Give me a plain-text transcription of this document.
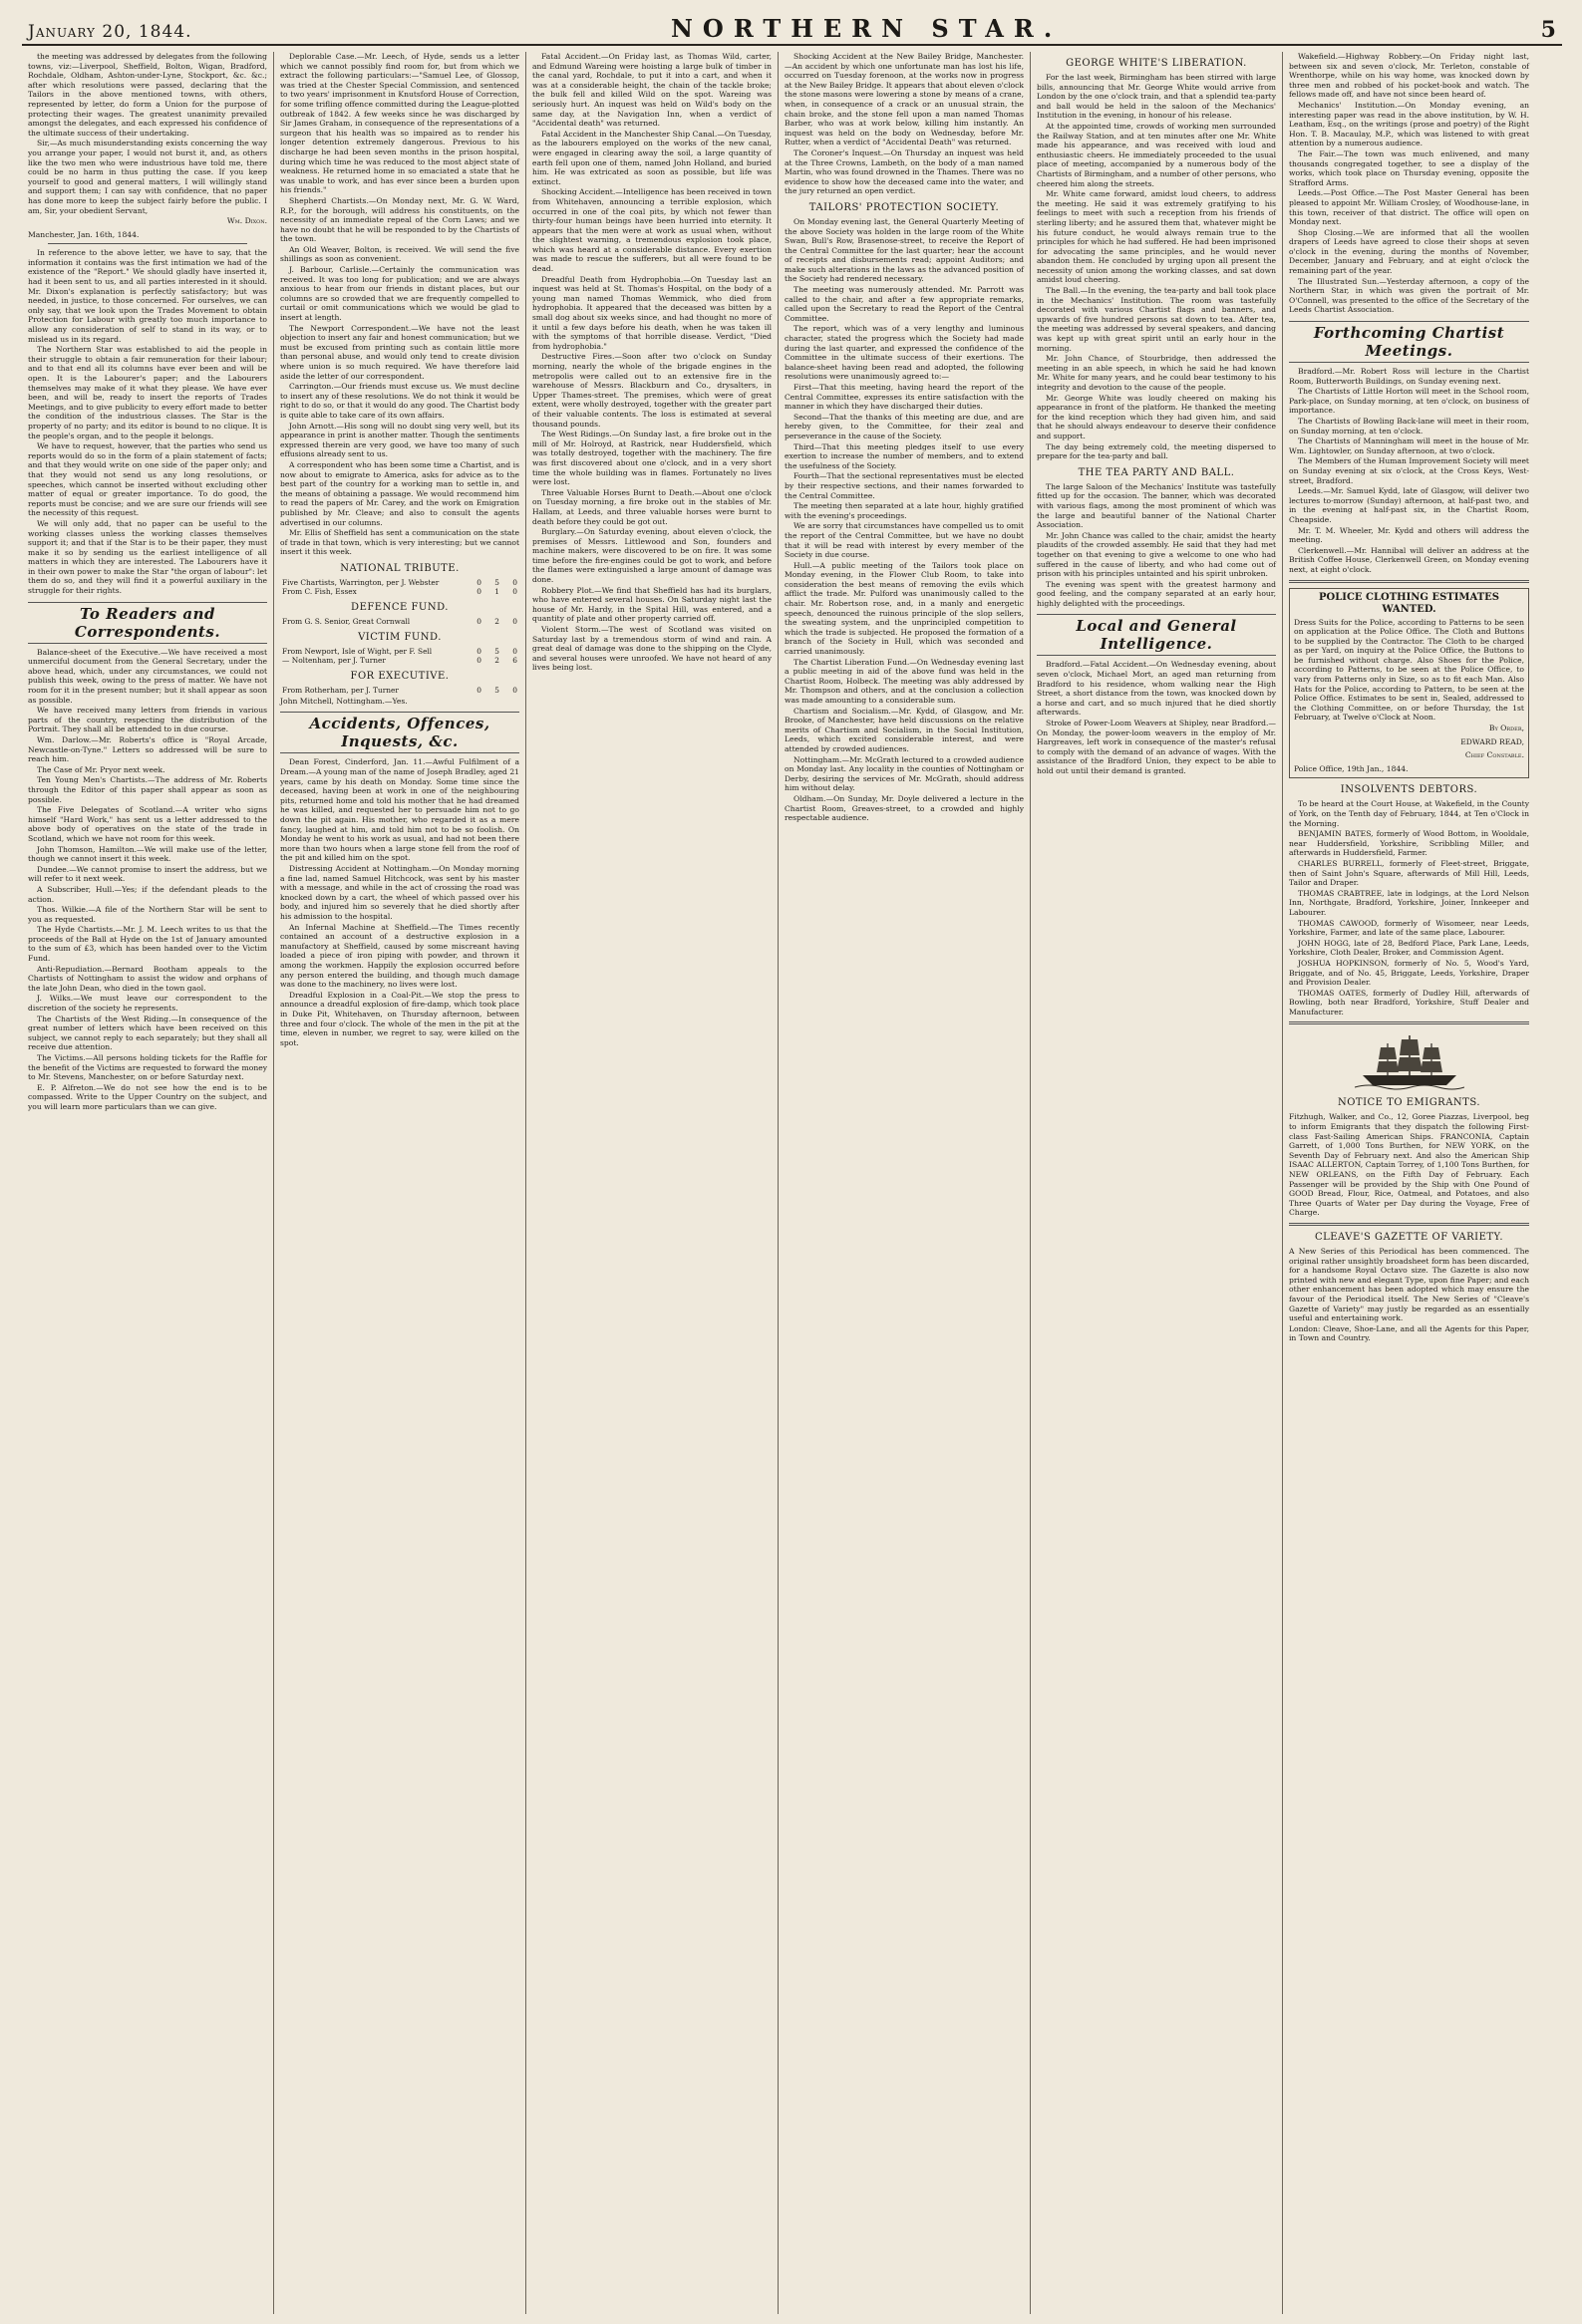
January 20, 1844.	NORTHERN STAR.	5

the meeting was addressed by delegates from the following towns, viz:—Liverpool, Sheffield, Bolton, Wigan, Bradford, Rochdale, Oldham, Ashton-under-Lyne, Stockport, &c. &c.; after which resolutions were passed, declaring that the Tailors in the above mentioned towns, with others, represented by letter, do form a Union for the purpose of protecting their wages. The greatest unanimity prevailed amongst the delegates, and each expressed his confidence of the ultimate success of their undertaking.

Sir,—As much misunderstanding exists concerning the way you arrange your paper, I would not burst it, and, as others like the two men who were industrious have told me, there could be no harm in thus putting the case. If you keep yourself to good and general matters, I will willingly stand and support them; I can say with confidence, that no paper has done more to keep the subject fairly before the public. I am, Sir, your obedient Servant,

Wm. Dixon.

Manchester, Jan. 16th, 1844.

In reference to the above letter, we have to say, that the information it contains was the first intimation we had of the existence of the "Report." We should gladly have inserted it, had it been sent to us, and all parties interested in it should. Mr. Dixon's explanation is perfectly satisfactory; but was needed, in justice, to those concerned. For ourselves, we can only say, that we look upon the Trades Movement to obtain Protection for Labour with greatly too much importance to allow any consideration of self to stand in its way, or to mislead us in its regard.

The Northern Star was established to aid the people in their struggle to obtain a fair remuneration for their labour; and to that end all its columns have ever been and will be open. It is the Labourer's paper; and the Labourers themselves may make of it what they please. We have ever been, and will be, ready to insert the reports of Trades Meetings, and to give publicity to every effort made to better the condition of the industrious classes. The Star is the property of no party; and its editor is bound to no clique. It is the people's organ, and to the people it belongs.

We have to request, however, that the parties who send us reports would do so in the form of a plain statement of facts; and that they would write on one side of the paper only; and that they would not send us any long resolutions, or speeches, which cannot be inserted without excluding other matter of equal or greater importance. To do good, the reports must be concise; and we are sure our friends will see the necessity of this request.

We will only add, that no paper can be useful to the working classes unless the working classes themselves support it; and that if the Star is to be their paper, they must make it so by sending us the earliest intelligence of all matters in which they are interested. The Labourers have it in their own power to make the Star "the organ of labour": let them do so, and they will find it a powerful auxiliary in the struggle for their rights.

To Readers and Correspondents.

Balance-sheet of the Executive.—We have received a most unmerciful document from the General Secretary, under the above head, which, under any circumstances, we could not publish this week, owing to the press of matter. We have not room for it in the present number; but it shall appear as soon as possible.

We have received many letters from friends in various parts of the country, respecting the distribution of the Portrait. They shall all be attended to in due course.

Wm. Darlow.—Mr. Roberts's office is "Royal Arcade, Newcastle-on-Tyne." Letters so addressed will be sure to reach him.

The Case of Mr. Pryor next week.

Ten Young Men's Chartists.—The address of Mr. Roberts through the Editor of this paper shall appear as soon as possible.

The Five Delegates of Scotland.—A writer who signs himself "Hard Work," has sent us a letter addressed to the above body of operatives on the state of the trade in Scotland, which we have not room for this week.

John Thomson, Hamilton.—We will make use of the letter, though we cannot insert it this week.

Dundee.—We cannot promise to insert the address, but we will refer to it next week.

A Subscriber, Hull.—Yes; if the defendant pleads to the action.

Thos. Wilkie.—A file of the Northern Star will be sent to you as requested.

The Hyde Chartists.—Mr. J. M. Leech writes to us that the proceeds of the Ball at Hyde on the 1st of January amounted to the sum of £3, which has been handed over to the Victim Fund.

Anti-Repudiation.—Bernard Bootham appeals to the Chartists of Nottingham to assist the widow and orphans of the late John Dean, who died in the town gaol.

J. Wilks.—We must leave our correspondent to the discretion of the society he represents.

The Chartists of the West Riding.—In consequence of the great number of letters which have been received on this subject, we cannot reply to each separately; but they shall all receive due attention.

The Victims.—All persons holding tickets for the Raffle for the benefit of the Victims are requested to forward the money to Mr. Stevens, Manchester, on or before Saturday next.

E. P. Alfreton.—We do not see how the end is to be compassed. Write to the Upper Country on the subject, and you will learn more particulars than we can give.

Deplorable Case.—Mr. Leech, of Hyde, sends us a letter which we cannot possibly find room for, but from which we extract the following particulars:—"Samuel Lee, of Glossop, was tried at the Chester Special Commission, and sentenced to two years' imprisonment in Knutsford House of Correction, for some trifling offence committed during the League-plotted outbreak of 1842. A few weeks since he was discharged by Sir James Graham, in consequence of the representations of a surgeon that his health was so impaired as to render his longer detention extremely dangerous. Previous to his discharge he had been seven months in the prison hospital, during which time he was reduced to the most abject state of weakness. He returned home in so emaciated a state that he was unable to work, and has ever since been a burden upon his friends."

Shepherd Chartists.—On Monday next, Mr. G. W. Ward, R.P., for the borough, will address his constituents, on the necessity of an immediate repeal of the Corn Laws; and we have no doubt that he will be responded to by the Chartists of the town.

An Old Weaver, Bolton, is received. We will send the five shillings as soon as convenient.

J. Barbour, Carlisle.—Certainly the communication was received. It was too long for publication; and we are always anxious to hear from our friends in distant places, but our columns are so crowded that we are frequently compelled to curtail or omit communications which we would be glad to insert at length.

The Newport Correspondent.—We have not the least objection to insert any fair and honest communication; but we must be excused from printing such as contain little more than personal abuse, and would only tend to create division where union is so much required. We have therefore laid aside the letter of our correspondent.

Carrington.—Our friends must excuse us. We must decline to insert any of these resolutions. We do not think it would be right to do so, or that it would do any good. The Chartist body is quite able to take care of its own affairs.

John Arnott.—His song will no doubt sing very well, but its appearance in print is another matter. Though the sentiments expressed therein are very good, we have too many of such effusions already sent to us.

A correspondent who has been some time a Chartist, and is now about to emigrate to America, asks for advice as to the best part of the country for a working man to settle in, and the means of obtaining a passage. We would recommend him to read the papers of Mr. Carey, and the work on Emigration published by Mr. Cleave; and also to consult the agents advertised in our columns.

Mr. Ellis of Sheffield has sent a communication on the state of trade in that town, which is very interesting; but we cannot insert it this week.

NATIONAL TRIBUTE.
Five Chartists, Warrington, per J. Webster	0	5	0
From C. Fish, Essex	0	1	0
DEFENCE FUND.
From G. S. Senior, Great Cornwall	0	2	0
VICTIM FUND.
From Newport, Isle of Wight, per F. Sell	0	5	0
— Noltenham, per J. Turner	0	2	6
FOR EXECUTIVE.
From Rotherham, per J. Turner	0	5	0

John Mitchell, Nottingham.—Yes.

Accidents, Offences, Inquests, &c.

Dean Forest, Cinderford, Jan. 11.—Awful Fulfilment of a Dream.—A young man of the name of Joseph Bradley, aged 21 years, came by his death on Monday. Some time since the deceased, having been at work in one of the neighbouring pits, returned home and told his mother that he had dreamed he was killed, and requested her to persuade him not to go down the pit again. His mother, who regarded it as a mere fancy, laughed at him, and told him not to be so foolish. On Monday he went to his work as usual, and had not been there more than two hours when a large stone fell from the roof of the pit and killed him on the spot.

Distressing Accident at Nottingham.—On Monday morning a fine lad, named Samuel Hitchcock, was sent by his master with a message, and while in the act of crossing the road was knocked down by a cart, the wheel of which passed over his body, and injured him so severely that he died shortly after his admission to the hospital.

An Infernal Machine at Sheffield.—The Times recently contained an account of a destructive explosion in a manufactory at Sheffield, caused by some miscreant having loaded a piece of iron piping with powder, and thrown it among the workmen. Happily the explosion occurred before any person entered the building, and though much damage was done to the machinery, no lives were lost.

Dreadful Explosion in a Coal-Pit.—We stop the press to announce a dreadful explosion of fire-damp, which took place in Duke Pit, Whitehaven, on Thursday afternoon, between three and four o'clock. The whole of the men in the pit at the time, eleven in number, we regret to say, were killed on the spot.

Fatal Accident.—On Friday last, as Thomas Wild, carter, and Edmund Wareing were hoisting a large bulk of timber in the canal yard, Rochdale, to put it into a cart, and when it was at a considerable height, the chain of the tackle broke; the bulk fell and killed Wild on the spot. Wareing was seriously hurt. An inquest was held on Wild's body on the same day, at the Navigation Inn, when a verdict of "Accidental death" was returned.

Fatal Accident in the Manchester Ship Canal.—On Tuesday, as the labourers employed on the works of the new canal, were engaged in clearing away the soil, a large quantity of earth fell upon one of them, named John Holland, and buried him. He was extricated as soon as possible, but life was extinct.

Shocking Accident.—Intelligence has been received in town from Whitehaven, announcing a terrible explosion, which occurred in one of the coal pits, by which not fewer than thirty-four human beings have been hurried into eternity. It appears that the men were at work as usual when, without the slightest warning, a tremendous explosion took place, which was heard at a considerable distance. Every exertion was made to rescue the sufferers, but all were found to be dead.

Dreadful Death from Hydrophobia.—On Tuesday last an inquest was held at St. Thomas's Hospital, on the body of a young man named Thomas Wemmick, who died from hydrophobia. It appeared that the deceased was bitten by a small dog about six weeks since, and had thought no more of it until a few days before his death, when he was taken ill with the symptoms of that horrible disease. Verdict, "Died from hydrophobia."

Destructive Fires.—Soon after two o'clock on Sunday morning, nearly the whole of the brigade engines in the metropolis were called out to an extensive fire in the warehouse of Messrs. Blackburn and Co., drysalters, in Upper Thames-street. The premises, which were of great extent, were wholly destroyed, together with the greater part of their valuable contents. The loss is estimated at several thousand pounds.

The West Ridings.—On Sunday last, a fire broke out in the mill of Mr. Holroyd, at Rastrick, near Huddersfield, which was totally destroyed, together with the machinery. The fire was first discovered about one o'clock, and in a very short time the whole building was in flames. Fortunately no lives were lost.

Three Valuable Horses Burnt to Death.—About one o'clock on Tuesday morning, a fire broke out in the stables of Mr. Hallam, at Leeds, and three valuable horses were burnt to death before they could be got out.

Burglary.—On Saturday evening, about eleven o'clock, the premises of Messrs. Littlewood and Son, founders and machine makers, were discovered to be on fire. It was some time before the fire-engines could be got to work, and before the flames were extinguished a large amount of damage was done.

Robbery Plot.—We find that Sheffield has had its burglars, who have entered several houses. On Saturday night last the house of Mr. Hardy, in the Spital Hill, was entered, and a quantity of plate and other property carried off.

Violent Storm.—The west of Scotland was visited on Saturday last by a tremendous storm of wind and rain. A great deal of damage was done to the shipping on the Clyde, and several houses were unroofed. We have not heard of any lives being lost.

Shocking Accident at the New Bailey Bridge, Manchester.—An accident by which one unfortunate man has lost his life, occurred on Tuesday forenoon, at the works now in progress at the New Bailey Bridge. It appears that about eleven o'clock the stone masons were lowering a stone by means of a crane, when, in consequence of a crack or an unusual strain, the chain broke, and the stone fell upon a man named Thomas Barber, who was at work below, killing him instantly. An inquest was held on the body on Wednesday, before Mr. Rutter, when a verdict of "Accidental Death" was returned.

The Coroner's Inquest.—On Thursday an inquest was held at the Three Crowns, Lambeth, on the body of a man named Martin, who was found drowned in the Thames. There was no evidence to show how the deceased came into the water, and the jury returned an open verdict.

TAILORS' PROTECTION SOCIETY.

On Monday evening last, the General Quarterly Meeting of the above Society was holden in the large room of the White Swan, Bull's Row, Brasenose-street, to receive the Report of the Central Committee for the last quarter; hear the account of receipts and disbursements read; appoint Auditors; and make such alterations in the laws as the advanced position of the Society had rendered necessary.

The meeting was numerously attended. Mr. Parrott was called to the chair, and after a few appropriate remarks, called upon the Secretary to read the Report of the Central Committee.

The report, which was of a very lengthy and luminous character, stated the progress which the Society had made during the last quarter, and expressed the confidence of the Committee in the ultimate success of their exertions. The balance-sheet having been read and adopted, the following resolutions were unanimously agreed to:—

First—That this meeting, having heard the report of the Central Committee, expresses its entire satisfaction with the manner in which they have discharged their duties.

Second—That the thanks of this meeting are due, and are hereby given, to the Committee, for their zeal and perseverance in the cause of the Society.

Third—That this meeting pledges itself to use every exertion to increase the number of members, and to extend the usefulness of the Society.

Fourth—That the sectional representatives must be elected by their respective sections, and their names forwarded to the Central Committee.

The meeting then separated at a late hour, highly gratified with the evening's proceedings.

We are sorry that circumstances have compelled us to omit the report of the Central Committee, but we have no doubt that it will be read with interest by every member of the Society in due course.

Hull.—A public meeting of the Tailors took place on Monday evening, in the Flower Club Room, to take into consideration the best means of removing the evils which afflict the trade. Mr. Pulford was unanimously called to the chair. Mr. Robertson rose, and, in a manly and energetic speech, denounced the ruinous principle of the slop sellers, the sweating system, and the unprincipled competition to which the trade is subjected. He proposed the formation of a branch of the Society in Hull, which was seconded and carried unanimously.

The Chartist Liberation Fund.—On Wednesday evening last a public meeting in aid of the above fund was held in the Chartist Room, Holbeck. The meeting was ably addressed by Mr. Thompson and others, and at the conclusion a collection was made amounting to a considerable sum.

Chartism and Socialism.—Mr. Kydd, of Glasgow, and Mr. Brooke, of Manchester, have held discussions on the relative merits of Chartism and Socialism, in the Social Institution, Leeds, which excited considerable interest, and were attended by crowded audiences.

Nottingham.—Mr. McGrath lectured to a crowded audience on Monday last. Any locality in the counties of Nottingham or Derby, desiring the services of Mr. McGrath, should address him without delay.

Oldham.—On Sunday, Mr. Doyle delivered a lecture in the Chartist Room, Greaves-street, to a crowded and highly respectable audience.

GEORGE WHITE'S LIBERATION.

For the last week, Birmingham has been stirred with large bills, announcing that Mr. George White would arrive from London by the one o'clock train, and that a splendid tea-party and ball would be held in the saloon of the Mechanics' Institution in the evening, in honour of his release.

At the appointed time, crowds of working men surrounded the Railway Station, and at ten minutes after one Mr. White made his appearance, and was received with loud and enthusiastic cheers. He immediately proceeded to the usual place of meeting, accompanied by a numerous body of the Chartists of Birmingham, and a number of other persons, who cheered him along the streets.

Mr. White came forward, amidst loud cheers, to address the meeting. He said it was extremely gratifying to his feelings to meet with such a reception from his friends of sterling liberty; and he assured them that, whatever might be his future conduct, he would always remain true to the principles for which he had suffered. He had been imprisoned for advocating the same principles, and he would never abandon them. He concluded by urging upon all present the necessity of union among the working classes, and sat down amidst loud cheering.

The Ball.—In the evening, the tea-party and ball took place in the Mechanics' Institution. The room was tastefully decorated with various Chartist flags and banners, and upwards of five hundred persons sat down to tea. After tea, the meeting was addressed by several speakers, and dancing was kept up with great spirit until an early hour in the morning.

Mr. John Chance, of Stourbridge, then addressed the meeting in an able speech, in which he said he had known Mr. White for many years, and he could bear testimony to his integrity and devotion to the cause of the people.

Mr. George White was loudly cheered on making his appearance in front of the platform. He thanked the meeting for the kind reception which they had given him, and said that he should always endeavour to deserve their confidence and support.

The day being extremely cold, the meeting dispersed to prepare for the tea-party and ball.

THE TEA PARTY AND BALL.

The large Saloon of the Mechanics' Institute was tastefully fitted up for the occasion. The banner, which was decorated with various flags, among the most prominent of which was the large and beautiful banner of the National Charter Association.

Mr. John Chance was called to the chair, amidst the hearty plaudits of the crowded assembly. He said that they had met together on that evening to give a welcome to one who had suffered in the cause of liberty, and who had come out of prison with his principles untainted and his spirit unbroken.

The evening was spent with the greatest harmony and good feeling, and the company separated at an early hour, highly delighted with the proceedings.

Local and General Intelligence.

Bradford.—Fatal Accident.—On Wednesday evening, about seven o'clock, Michael Mort, an aged man returning from Bradford to his residence, whom walking near the High Street, a short distance from the town, was knocked down by a horse and cart, and so much injured that he died shortly afterwards.

Stroke of Power-Loom Weavers at Shipley, near Bradford.—On Monday, the power-loom weavers in the employ of Mr. Hargreaves, left work in consequence of the master's refusal to comply with the demand of an advance of wages. With the assistance of the Bradford Union, they expect to be able to hold out until their demand is granted.

Wakefield.—Highway Robbery.—On Friday night last, between six and seven o'clock, Mr. Terleton, constable of Wrenthorpe, while on his way home, was knocked down by three men and robbed of his pocket-book and watch. The fellows made off, and have not since been heard of.

Mechanics' Institution.—On Monday evening, an interesting paper was read in the above institution, by W. H. Leatham, Esq., on the writings (prose and poetry) of the Right Hon. T. B. Macaulay, M.P., which was listened to with great attention by a numerous audience.

The Fair.—The town was much enlivened, and many thousands congregated together, to see a display of the works, which took place on Thursday evening, opposite the Strafford Arms.

Leeds.—Post Office.—The Post Master General has been pleased to appoint Mr. William Crosley, of Woodhouse-lane, in this town, receiver of that district. The office will open on Monday next.

Shop Closing.—We are informed that all the woollen drapers of Leeds have agreed to close their shops at seven o'clock in the evening, during the months of November, December, January and February, and at eight o'clock the remaining part of the year.

The Illustrated Sun.—Yesterday afternoon, a copy of the Northern Star, in which was given the portrait of Mr. O'Connell, was presented to the office of the Secretary of the Leeds Chartist Association.

Forthcoming Chartist Meetings.

Bradford.—Mr. Robert Ross will lecture in the Chartist Room, Butterworth Buildings, on Sunday evening next.

The Chartists of Little Horton will meet in the School room, Park-place, on Sunday morning, at ten o'clock, on business of importance.

The Chartists of Bowling Back-lane will meet in their room, on Sunday morning, at ten o'clock.

The Chartists of Manningham will meet in the house of Mr. Wm. Lightowler, on Sunday afternoon, at two o'clock.

The Members of the Human Improvement Society will meet on Sunday evening at six o'clock, at the Cross Keys, West-street, Bradford.

Leeds.—Mr. Samuel Kydd, late of Glasgow, will deliver two lectures to-morrow (Sunday) afternoon, at half-past two, and in the evening at half-past six, in the Chartist Room, Cheapside.

Mr. T. M. Wheeler, Mr. Kydd and others will address the meeting.

Clerkenwell.—Mr. Hannibal will deliver an address at the British Coffee House, Clerkenwell Green, on Monday evening next, at eight o'clock.

POLICE CLOTHING ESTIMATES WANTED.

Dress Suits for the Police, according to Patterns to be seen on application at the Police Office. The Cloth and Buttons to be supplied by the Contractor. The Cloth to be charged as per Yard, on inquiry at the Police Office, the Buttons to be furnished without charge. Also Shoes for the Police, according to Patterns, to be seen at the Police Office, to vary from Patterns only in Size, so as to fit each Man. Also Hats for the Police, according to Pattern, to be seen at the Police Office. Estimates to be sent in, Sealed, addressed to the Clothing Committee, on or before Thursday, the 1st February, at Twelve o'Clock at Noon.

By Order,
EDWARD READ,
Chief Constable.

Police Office, 19th Jan., 1844.

INSOLVENTS DEBTORS.

To be heard at the Court House, at Wakefield, in the County of York, on the Tenth day of February, 1844, at Ten o'Clock in the Morning.

BENJAMIN BATES, formerly of Wood Bottom, in Wooldale, near Huddersfield, Yorkshire, Scribbling Miller, and afterwards in Huddersfield, Farmer.

CHARLES BURRELL, formerly of Fleet-street, Briggate, then of Saint John's Square, afterwards of Mill Hill, Leeds, Tailor and Draper.

THOMAS CRABTREE, late in lodgings, at the Lord Nelson Inn, Northgate, Bradford, Yorkshire, Joiner, Innkeeper and Labourer.

THOMAS CAWOOD, formerly of Wisomeer, near Leeds, Yorkshire, Farmer, and late of the same place, Labourer.

JOHN HOGG, late of 28, Bedford Place, Park Lane, Leeds, Yorkshire, Cloth Dealer, Broker, and Commission Agent.

JOSHUA HOPKINSON, formerly of No. 5, Wood's Yard, Briggate, and of No. 45, Briggate, Leeds, Yorkshire, Draper and Provision Dealer.

THOMAS OATES, formerly of Dudley Hill, afterwards of Bowling, both near Bradford, Yorkshire, Stuff Dealer and Manufacturer.

NOTICE TO EMIGRANTS.

Fitzhugh, Walker, and Co., 12, Goree Piazzas, Liverpool, beg to inform Emigrants that they dispatch the following First-class Fast-Sailing American Ships. FRANCONIA, Captain Garrett, of 1,000 Tons Burthen, for NEW YORK, on the Seventh Day of February next. And also the American Ship ISAAC ALLERTON, Captain Torrey, of 1,100 Tons Burthen, for NEW ORLEANS, on the Fifth Day of February. Each Passenger will be provided by the Ship with One Pound of GOOD Bread, Flour, Rice, Oatmeal, and Potatoes, and also Three Quarts of Water per Day during the Voyage, Free of Charge.

CLEAVE'S GAZETTE OF VARIETY.

A New Series of this Periodical has been commenced. The original rather unsightly broadsheet form has been discarded, for a handsome Royal Octavo size. The Gazette is also now printed with new and elegant Type, upon fine Paper; and each other enhancement has been adopted which may ensure the favour of the Periodical itself. The New Series of "Cleave's Gazette of Variety" may justly be regarded as an essentially useful and entertaining work.

London: Cleave, Shoe-Lane, and all the Agents for this Paper, in Town and Country.
